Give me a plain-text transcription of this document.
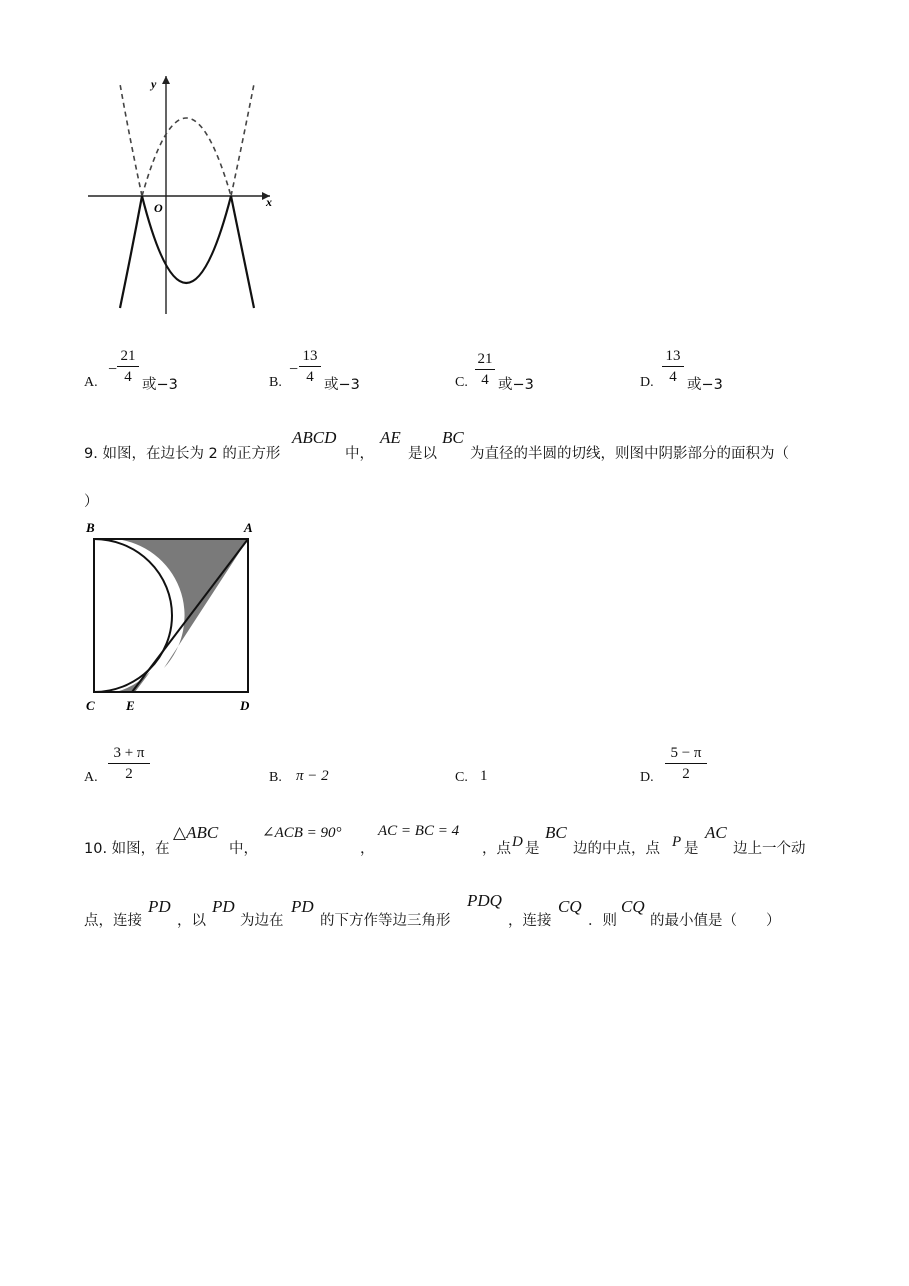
y
x
O
A.
−
21
4 或−3	B.
−
13
4 或−3	C.
21
4 或−3	D.
13
4 或−3
9. 如图，在边长为 2 的正方形
ABCD
中，
AE
是以
BC
为直径的半圆的切线，则图中阴影部分的面积为（
）
B	A
C E	D
A.
3 + π
2	B. π − 2	C. 1	D.
5 − π
2
10. 如图，在
△ABC
中，
∠ACB = 90°
，
AC = BC = 4
，点 D 是
BC
边的中点，点 P 是
AC
边上一个动
点，连接
PD
，以
PD
为边在
PD
的下方作等边三角形
PDQ
，连接
CQ
．则
CQ
的最小值是（　　）
